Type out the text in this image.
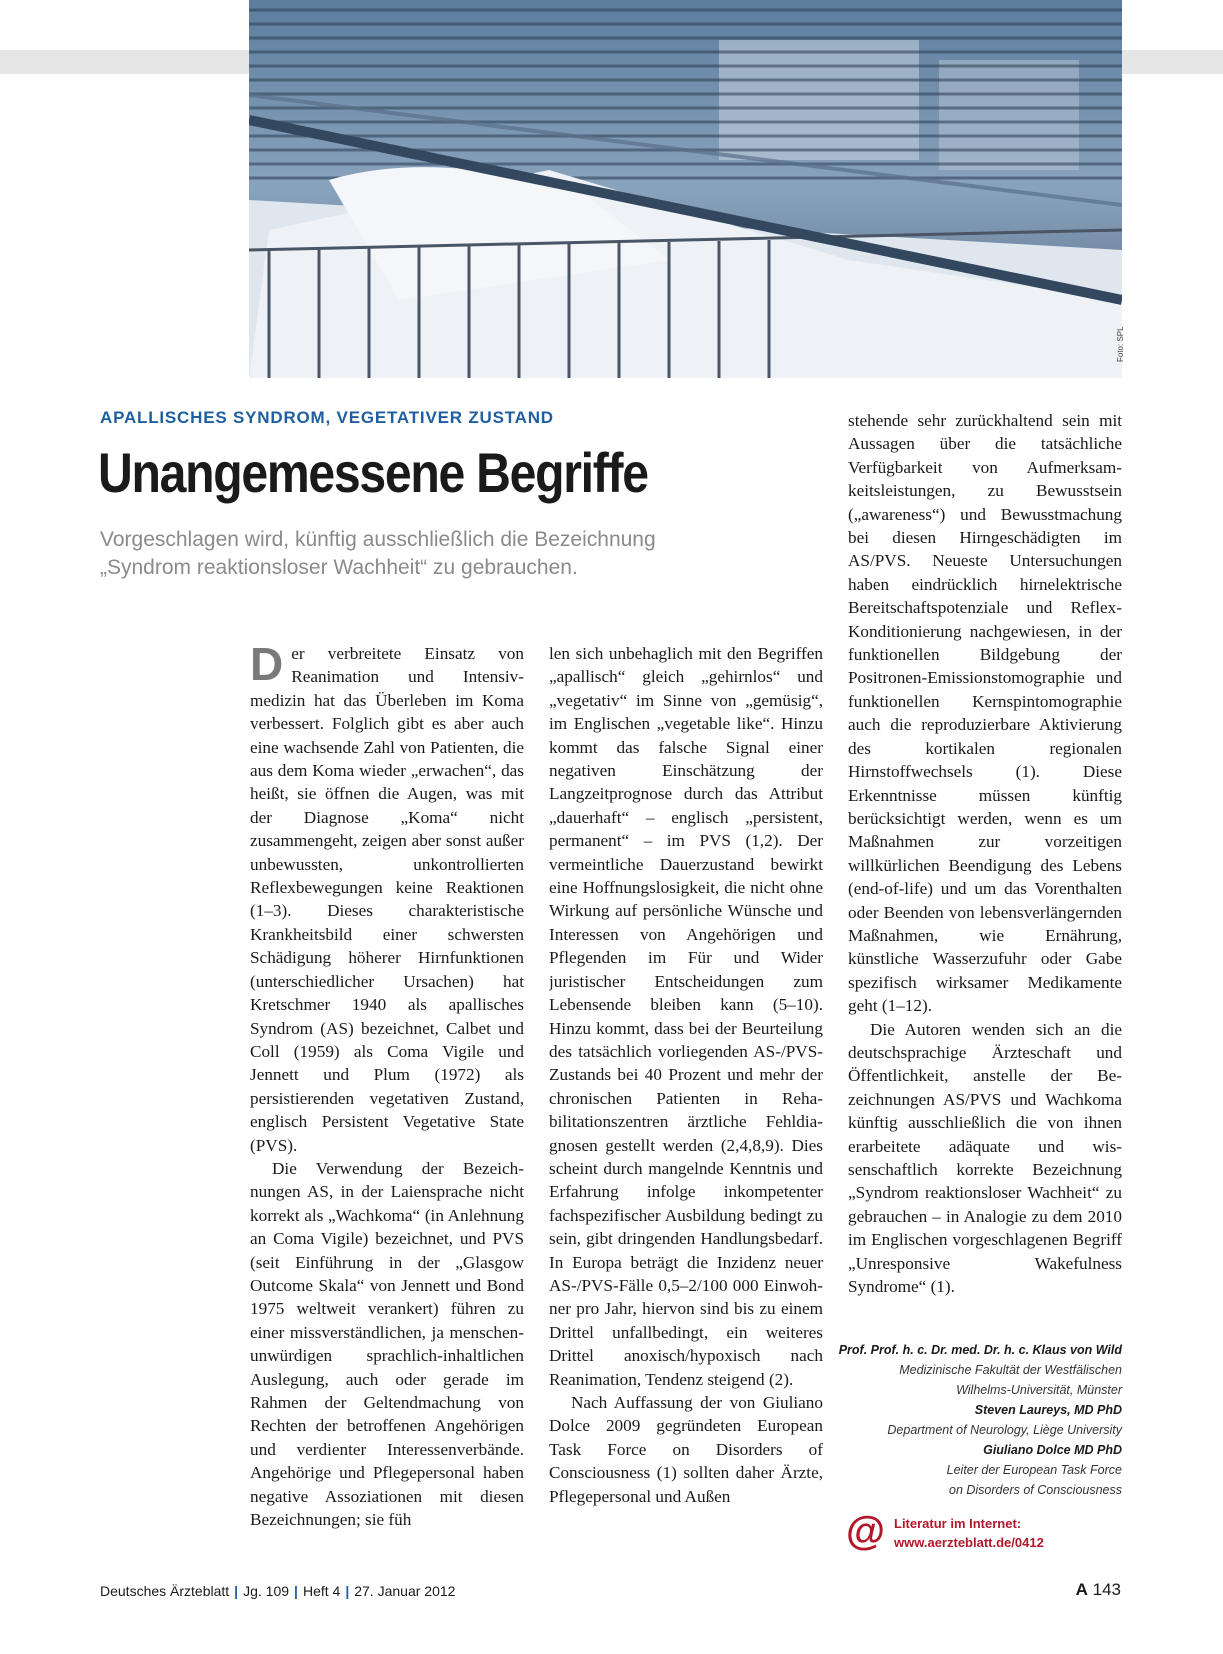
Foto: SPL
APALLISCHES SYNDROM, VEGETATIVER ZUSTAND
Unangemessene Begriffe
Vorgeschlagen wird, künftig ausschließlich die Bezeichnung „Syndrom reaktionsloser Wachheit“ zu gebrauchen.

Der verbreitete Einsatz von Reanimation und Intensivmedizin hat das Überleben im Koma verbessert. Folglich gibt es aber auch eine wachsende Zahl von Patienten, die aus dem Koma wieder „erwachen“, das heißt, sie öffnen die Augen, was mit der Diagnose „Koma“ nicht zusammengeht, zeigen aber sonst außer unbewussten, unkontrollierten Reflexbewegungen keine Reaktionen (1–3). Dieses charakteristische Krankheitsbild einer schwersten Schädigung höherer Hirnfunktionen (unterschiedlicher Ursachen) hat Kretschmer 1940 als apallisches Syndrom (AS) bezeichnet, Calbet und Coll (1959) als Coma Vigile und Jennett und Plum (1972) als persistierenden vegetativen Zustand, englisch Persistent Vegetative State (PVS).

Die Verwendung der Bezeichnungen AS, in der Laiensprache nicht korrekt als „Wachkoma“ (in Anlehnung an Coma Vigile) bezeichnet, und PVS (seit Einführung in der „Glasgow Outcome Skala“ von Jennett und Bond 1975 weltweit verankert) führen zu einer missverständlichen, ja menschenunwürdigen sprachlich-inhaltlichen Auslegung, auch oder gerade im Rahmen der Geltendmachung von Rechten der betroffenen Angehörigen und verdienter Interessenverbände. Angehörige und Pflegepersonal haben negative Assoziationen mit diesen Bezeichnungen; sie füh

len sich unbehaglich mit den Begriffen „apallisch“ gleich „gehirnlos“ und „vegetativ“ im Sinne von „gemüsig“, im Englischen „vegetable like“. Hinzu kommt das falsche Signal einer negativen Einschätzung der Langzeitprognose durch das Attribut „dauerhaft“ – englisch „persistent, permanent“ – im PVS (1,2). Der vermeintliche Dauerzustand bewirkt eine Hoffnungslosigkeit, die nicht ohne Wirkung auf persönliche Wünsche und Interessen von Angehörigen und Pflegenden im Für und Wider juristischer Entscheidungen zum Lebensende bleiben kann (5–10). Hinzu kommt, dass bei der Beurteilung des tatsächlich vorliegenden AS-/PVS-Zustands bei 40 Prozent und mehr der chronischen Patienten in Rehabilitationszentren ärztliche Fehldiagnosen gestellt werden (2,4,8,9). Dies scheint durch mangelnde Kenntnis und Erfahrung infolge inkompetenter fachspezifischer Ausbildung bedingt zu sein, gibt dringenden Handlungsbedarf. In Europa beträgt die Inzidenz neuer AS-/PVS-Fälle 0,5–2/100 000 Einwohner pro Jahr, hiervon sind bis zu einem Drittel unfallbedingt, ein weiteres Drittel anoxisch/hypoxisch nach Reanimation, Tendenz steigend (2).

Nach Auffassung der von Giuliano Dolce 2009 gegründeten European Task Force on Disorders of Consciousness (1) sollten daher Ärzte, Pflegepersonal und Außen

stehende sehr zurückhaltend sein mit Aussagen über die tatsächliche Verfügbarkeit von Aufmerksamkeitsleistungen, zu Bewusstsein („awareness“) und Bewusstmachung bei diesen Hirngeschädigten im AS/PVS. Neueste Untersuchungen haben eindrücklich hirnelektrische Bereitschaftspotenziale und Reflex-Konditionierung nachgewiesen, in der funktionellen Bildgebung der Positronen-Emissionstomographie und funktionellen Kernspintomographie auch die reproduzierbare Aktivierung des kortikalen regionalen Hirnstoffwechsels (1). Diese Erkenntnisse müssen künftig berücksichtigt werden, wenn es um Maßnahmen zur vorzeitigen willkürlichen Beendigung des Lebens (end-of-life) und um das Vorenthalten oder Beenden von lebensverlängernden Maßnahmen, wie Ernährung, künstliche Wasserzufuhr oder Gabe spezifisch wirksamer Medikamente geht (1–12).

Die Autoren wenden sich an die deutschsprachige Ärzteschaft und Öffentlichkeit, anstelle der Bezeichnungen AS/PVS und Wachkoma künftig ausschließlich die von ihnen erarbeitete adäquate und wissenschaftlich korrekte Bezeichnung „Syndrom reaktionsloser Wachheit“ zu gebrauchen – in Analogie zu dem 2010 im Englischen vorgeschlagenen Begriff „Unresponsive Wakefulness Syndrome“ (1).

Prof. Prof. h. c. Dr. med. Dr. h. c. Klaus von Wild
Medizinische Fakultät der Westfälischen
Wilhelms-Universität, Münster
Steven Laureys, MD PhD
Department of Neurology, Liège University
Giuliano Dolce MD PhD
Leiter der European Task Force
on Disorders of Consciousness
@ Literatur im Internet:
www.aerzteblatt.de/0412
Deutsches Ärzteblatt | Jg. 109 | Heft 4 | 27. Januar 2012	A 143
